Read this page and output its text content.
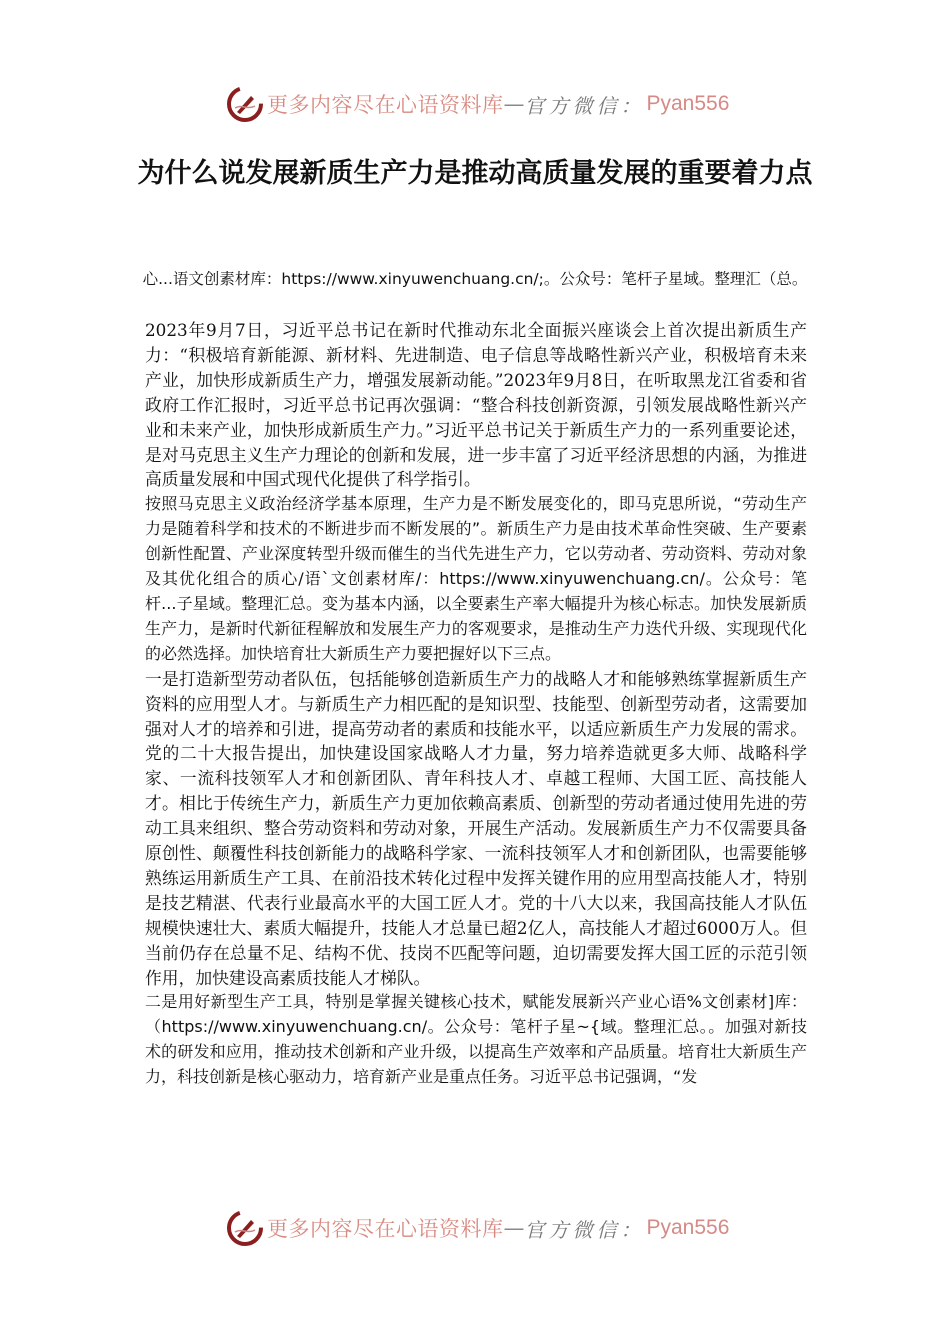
更多内容尽在心语资料库 — 官方微信： Pyan556
为什么说发展新质生产力是推动高质量发展的重要着力点
心...语文创素材库：https://www.xinyuwenchuang.cn/;。公众号：笔杆子星域。整理汇（总。

2023年9月7日，习近平总书记在新时代推动东北全面振兴座谈会上首次提出新质生产力：“积极培育新能源、新材料、先进制造、电子信息等战略性新兴产业，积极培育未来产业，加快形成新质生产力，增强发展新动能。”2023年9月8日，在听取黑龙江省委和省政府工作汇报时，习近平总书记再次强调：“整合科技创新资源，引领发展战略性新兴产业和未来产业，加快形成新质生产力。”习近平总书记关于新质生产力的一系列重要论述，是对马克思主义生产力理论的创新和发展，进一步丰富了习近平经济思想的内涵，为推进高质量发展和中国式现代化提供了科学指引。

按照马克思主义政治经济学基本原理，生产力是不断发展变化的，即马克思所说，“劳动生产力是随着科学和技术的不断进步而不断发展的”。新质生产力是由技术革命性突破、生产要素创新性配置、产业深度转型升级而催生的当代先进生产力，它以劳动者、劳动资料、劳动对象及其优化组合的质心/语`文创素材库/：https://www.xinyuwenchuang.cn/。公众号：笔杆...子星域。整理汇总。变为基本内涵，以全要素生产率大幅提升为核心标志。加快发展新质生产力，是新时代新征程解放和发展生产力的客观要求，是推动生产力迭代升级、实现现代化的必然选择。加快培育壮大新质生产力要把握好以下三点。

一是打造新型劳动者队伍，包括能够创造新质生产力的战略人才和能够熟练掌握新质生产资料的应用型人才。与新质生产力相匹配的是知识型、技能型、创新型劳动者，这需要加强对人才的培养和引进，提高劳动者的素质和技能水平，以适应新质生产力发展的需求。党的二十大报告提出，加快建设国家战略人才力量，努力培养造就更多大师、战略科学家、一流科技领军人才和创新团队、青年科技人才、卓越工程师、大国工匠、高技能人才。相比于传统生产力，新质生产力更加依赖高素质、创新型的劳动者通过使用先进的劳动工具来组织、整合劳动资料和劳动对象，开展生产活动。发展新质生产力不仅需要具备原创性、颠覆性科技创新能力的战略科学家、一流科技领军人才和创新团队，也需要能够熟练运用新质生产工具、在前沿技术转化过程中发挥关键作用的应用型高技能人才，特别是技艺精湛、代表行业最高水平的大国工匠人才。党的十八大以来，我国高技能人才队伍规模快速壮大、素质大幅提升，技能人才总量已超2亿人，高技能人才超过6000万人。但当前仍存在总量不足、结构不优、技岗不匹配等问题，迫切需要发挥大国工匠的示范引领作用，加快建设高素质技能人才梯队。

二是用好新型生产工具，特别是掌握关键核心技术，赋能发展新兴产业心语%文创素材]库：（https://www.xinyuwenchuang.cn/。公众号：笔杆子星~{域。整理汇总。。加强对新技术的研发和应用，推动技术创新和产业升级，以提高生产效率和产品质量。培育壮大新质生产力，科技创新是核心驱动力，培育新产业是重点任务。习近平总书记强调，“发

更多内容尽在心语资料库 — 官方微信： Pyan556
